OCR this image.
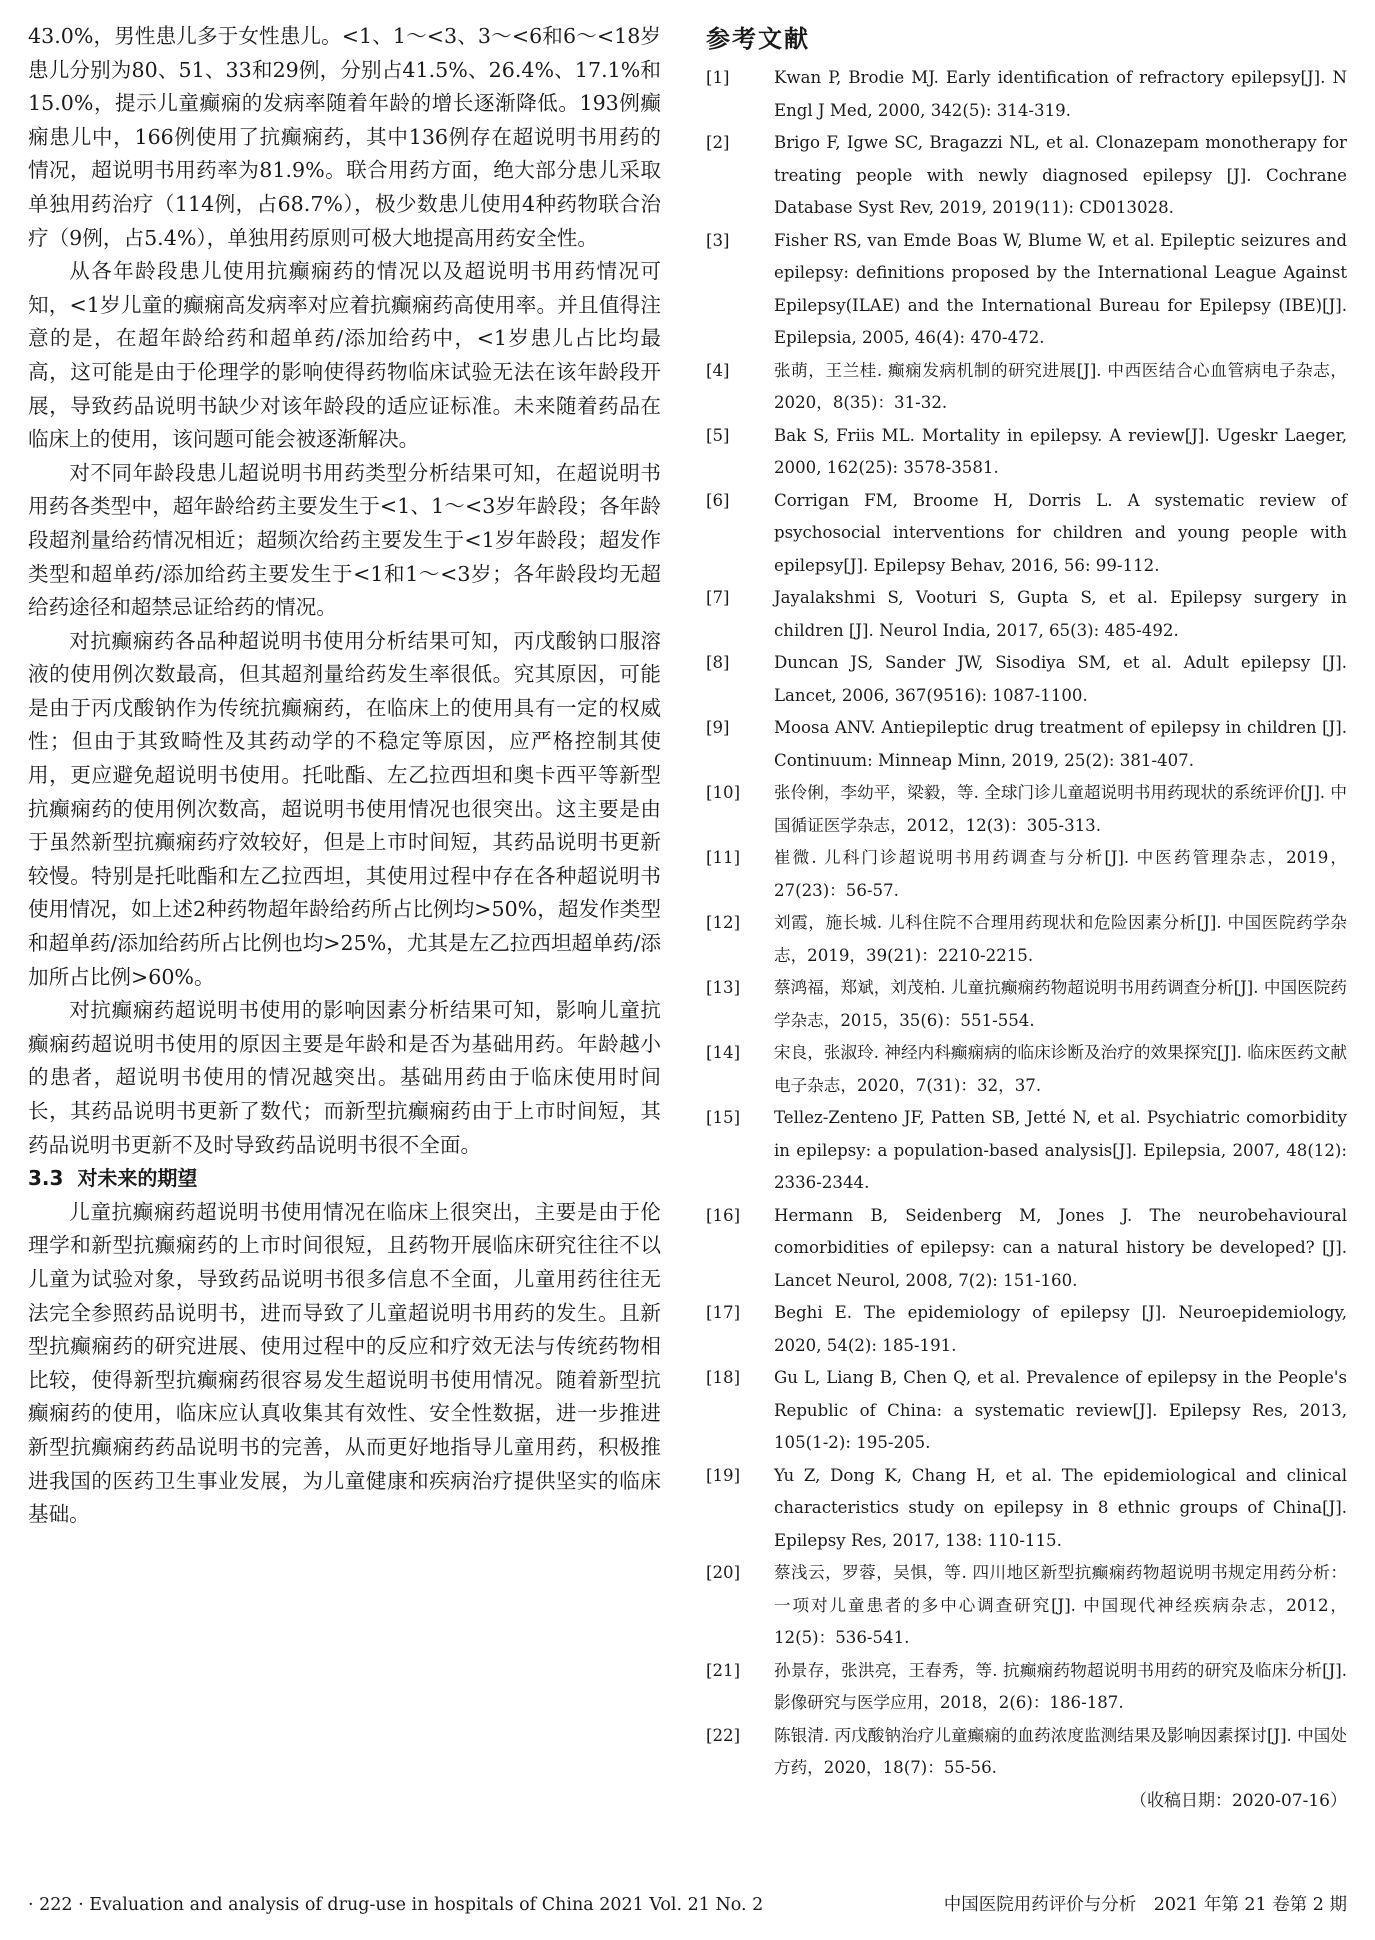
43.0%，男性患儿多于女性患儿。<1、1～<3、3～<6和6～<18岁患儿分别为80、51、33和29例，分别占41.5%、26.4%、17.1%和15.0%，提示儿童癫痫的发病率随着年龄的增长逐渐降低。193例癫痫患儿中，166例使用了抗癫痫药，其中136例存在超说明书用药的情况，超说明书用药率为81.9%。联合用药方面，绝大部分患儿采取单独用药治疗（114例，占68.7%），极少数患儿使用4种药物联合治疗（9例，占5.4%），单独用药原则可极大地提高用药安全性。

从各年龄段患儿使用抗癫痫药的情况以及超说明书用药情况可知，<1岁儿童的癫痫高发病率对应着抗癫痫药高使用率。并且值得注意的是，在超年龄给药和超单药/添加给药中，<1岁患儿占比均最高，这可能是由于伦理学的影响使得药物临床试验无法在该年龄段开展，导致药品说明书缺少对该年龄段的适应证标准。未来随着药品在临床上的使用，该问题可能会被逐渐解决。

对不同年龄段患儿超说明书用药类型分析结果可知，在超说明书用药各类型中，超年龄给药主要发生于<1、1～<3岁年龄段；各年龄段超剂量给药情况相近；超频次给药主要发生于<1岁年龄段；超发作类型和超单药/添加给药主要发生于<1和1～<3岁；各年龄段均无超给药途径和超禁忌证给药的情况。

对抗癫痫药各品种超说明书使用分析结果可知，丙戊酸钠口服溶液的使用例次数最高，但其超剂量给药发生率很低。究其原因，可能是由于丙戊酸钠作为传统抗癫痫药，在临床上的使用具有一定的权威性；但由于其致畸性及其药动学的不稳定等原因，应严格控制其使用，更应避免超说明书使用。托吡酯、左乙拉西坦和奥卡西平等新型抗癫痫药的使用例次数高，超说明书使用情况也很突出。这主要是由于虽然新型抗癫痫药疗效较好，但是上市时间短，其药品说明书更新较慢。特别是托吡酯和左乙拉西坦，其使用过程中存在各种超说明书使用情况，如上述2种药物超年龄给药所占比例均>50%，超发作类型和超单药/添加给药所占比例也均>25%，尤其是左乙拉西坦超单药/添加所占比例>60%。

对抗癫痫药超说明书使用的影响因素分析结果可知，影响儿童抗癫痫药超说明书使用的原因主要是年龄和是否为基础用药。年龄越小的患者，超说明书使用的情况越突出。基础用药由于临床使用时间长，其药品说明书更新了数代；而新型抗癫痫药由于上市时间短，其药品说明书更新不及时导致药品说明书很不全面。

3.3 对未来的期望

儿童抗癫痫药超说明书使用情况在临床上很突出，主要是由于伦理学和新型抗癫痫药的上市时间很短，且药物开展临床研究往往不以儿童为试验对象，导致药品说明书很多信息不全面，儿童用药往往无法完全参照药品说明书，进而导致了儿童超说明书用药的发生。且新型抗癫痫药的研究进展、使用过程中的反应和疗效无法与传统药物相比较，使得新型抗癫痫药很容易发生超说明书使用情况。随着新型抗癫痫药的使用，临床应认真收集其有效性、安全性数据，进一步推进新型抗癫痫药药品说明书的完善，从而更好地指导儿童用药，积极推进我国的医药卫生事业发展，为儿童健康和疾病治疗提供坚实的临床基础。

参考文献
[1]	Kwan P, Brodie MJ. Early identification of refractory epilepsy[J]. N Engl J Med, 2000, 342(5): 314-319.
[2]	Brigo F, Igwe SC, Bragazzi NL, et al. Clonazepam monotherapy for treating people with newly diagnosed epilepsy [J]. Cochrane Database Syst Rev, 2019, 2019(11): CD013028.
[3]	Fisher RS, van Emde Boas W, Blume W, et al. Epileptic seizures and epilepsy: definitions proposed by the International League Against Epilepsy(ILAE) and the International Bureau for Epilepsy (IBE)[J]. Epilepsia, 2005, 46(4): 470-472.
[4]	张萌，王兰桂. 癫痫发病机制的研究进展[J]. 中西医结合心血管病电子杂志，2020，8(35)：31-32.
[5]	Bak S, Friis ML. Mortality in epilepsy. A review[J]. Ugeskr Laeger, 2000, 162(25): 3578-3581.
[6]	Corrigan FM, Broome H, Dorris L. A systematic review of psychosocial interventions for children and young people with epilepsy[J]. Epilepsy Behav, 2016, 56: 99-112.
[7]	Jayalakshmi S, Vooturi S, Gupta S, et al. Epilepsy surgery in children [J]. Neurol India, 2017, 65(3): 485-492.
[8]	Duncan JS, Sander JW, Sisodiya SM, et al. Adult epilepsy [J]. Lancet, 2006, 367(9516): 1087-1100.
[9]	Moosa ANV. Antiepileptic drug treatment of epilepsy in children [J]. Continuum: Minneap Minn, 2019, 25(2): 381-407.
[10]	张伶俐，李幼平，梁毅，等. 全球门诊儿童超说明书用药现状的系统评价[J]. 中国循证医学杂志，2012，12(3)：305-313.
[11]	崔微. 儿科门诊超说明书用药调查与分析[J]. 中医药管理杂志，2019，27(23)：56-57.
[12]	刘霞，施长城. 儿科住院不合理用药现状和危险因素分析[J]. 中国医院药学杂志，2019，39(21)：2210-2215.
[13]	蔡鸿福，郑斌，刘茂柏. 儿童抗癫痫药物超说明书用药调查分析[J]. 中国医院药学杂志，2015，35(6)：551-554.
[14]	宋良，张淑玲. 神经内科癫痫病的临床诊断及治疗的效果探究[J]. 临床医药文献电子杂志，2020，7(31)：32，37.
[15]	Tellez-Zenteno JF, Patten SB, Jetté N, et al. Psychiatric comorbidity in epilepsy: a population-based analysis[J]. Epilepsia, 2007, 48(12): 2336-2344.
[16]	Hermann B, Seidenberg M, Jones J. The neurobehavioural comorbidities of epilepsy: can a natural history be developed? [J]. Lancet Neurol, 2008, 7(2): 151-160.
[17]	Beghi E. The epidemiology of epilepsy [J]. Neuroepidemiology, 2020, 54(2): 185-191.
[18]	Gu L, Liang B, Chen Q, et al. Prevalence of epilepsy in the People's Republic of China: a systematic review[J]. Epilepsy Res, 2013, 105(1-2): 195-205.
[19]	Yu Z, Dong K, Chang H, et al. The epidemiological and clinical characteristics study on epilepsy in 8 ethnic groups of China[J]. Epilepsy Res, 2017, 138: 110-115.
[20]	蔡浅云，罗蓉，吴惧，等. 四川地区新型抗癫痫药物超说明书规定用药分析：一项对儿童患者的多中心调查研究[J]. 中国现代神经疾病杂志，2012，12(5)：536-541.
[21]	孙景存，张洪亮，王春秀，等. 抗癫痫药物超说明书用药的研究及临床分析[J]. 影像研究与医学应用，2018，2(6)：186-187.
[22]	陈银清. 丙戊酸钠治疗儿童癫痫的血药浓度监测结果及影响因素探讨[J]. 中国处方药，2020，18(7)：55-56.
（收稿日期：2020-07-16）
· 222 · Evaluation and analysis of drug-use in hospitals of China 2021 Vol. 21 No. 2	中国医院用药评价与分析　2021 年第 21 卷第 2 期
